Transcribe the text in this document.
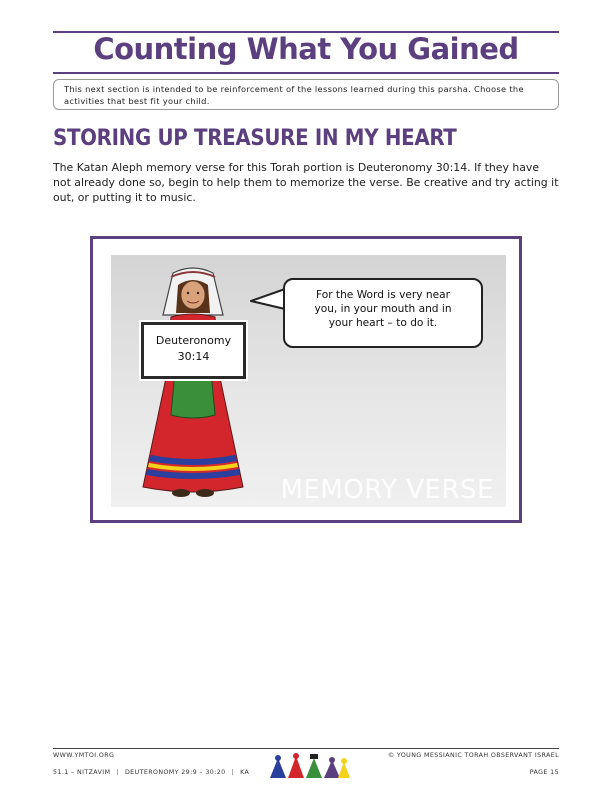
Counting What You Gained
This next section is intended to be reinforcement of the lessons learned during this parsha. Choose the activities that best fit your child.
STORING UP TREASURE IN MY HEART

The Katan Aleph memory verse for this Torah portion is Deuteronomy 30:14. If they have not already done so, begin to help them to memorize the verse. Be creative and try acting it out, or putting it to music.

Deuteronomy
30:14
For the Word is very near you, in your mouth and in your heart – to do it.
MEMORY VERSE
WWW.YMTOI.ORG
51.1 – NITZAVIM | DEUTERONOMY 29:9 – 30:20 | KA
© YOUNG MESSIANIC TORAH OBSERVANT ISRAEL
PAGE 15
